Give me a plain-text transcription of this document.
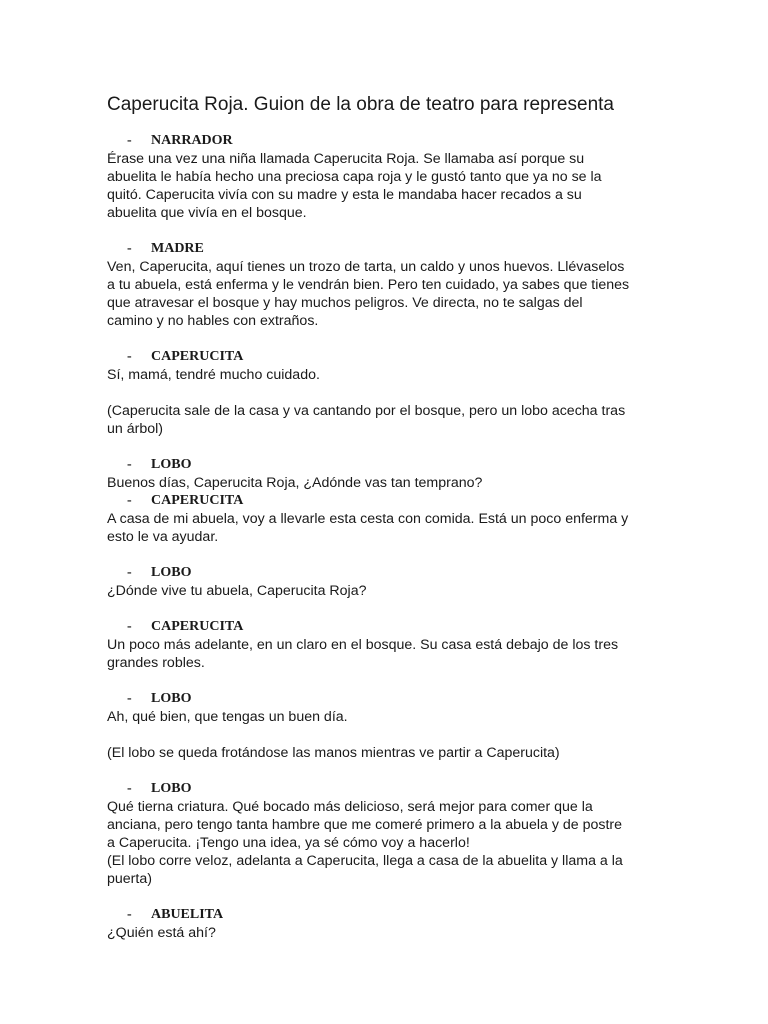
Caperucita Roja. Guion de la obra de teatro para representa
- NARRADOR

Érase una vez una niña llamada Caperucita Roja. Se llamaba así porque su
abuelita le había hecho una preciosa capa roja y le gustó tanto que ya no se la
quitó. Caperucita vivía con su madre y esta le mandaba hacer recados a su
abuelita que vivía en el bosque.

- MADRE

Ven, Caperucita, aquí tienes un trozo de tarta, un caldo y unos huevos. Llévaselos
a tu abuela, está enferma y le vendrán bien. Pero ten cuidado, ya sabes que tienes
que atravesar el bosque y hay muchos peligros. Ve directa, no te salgas del
camino y no hables con extraños.

- CAPERUCITA

Sí, mamá, tendré mucho cuidado.

(Caperucita sale de la casa y va cantando por el bosque, pero un lobo acecha tras
un árbol)

- LOBO

Buenos días, Caperucita Roja, ¿Adónde vas tan temprano?

- CAPERUCITA

A casa de mi abuela, voy a llevarle esta cesta con comida. Está un poco enferma y
esto le va ayudar.

- LOBO

¿Dónde vive tu abuela, Caperucita Roja?

- CAPERUCITA

Un poco más adelante, en un claro en el bosque. Su casa está debajo de los tres
grandes robles.

- LOBO

Ah, qué bien, que tengas un buen día.

(El lobo se queda frotándose las manos mientras ve partir a Caperucita)

- LOBO

Qué tierna criatura. Qué bocado más delicioso, será mejor para comer que la
anciana, pero tengo tanta hambre que me comeré primero a la abuela y de postre
a Caperucita. ¡Tengo una idea, ya sé cómo voy a hacerlo!
(El lobo corre veloz, adelanta a Caperucita, llega a casa de la abuelita y llama a la
puerta)

- ABUELITA

¿Quién está ahí?
